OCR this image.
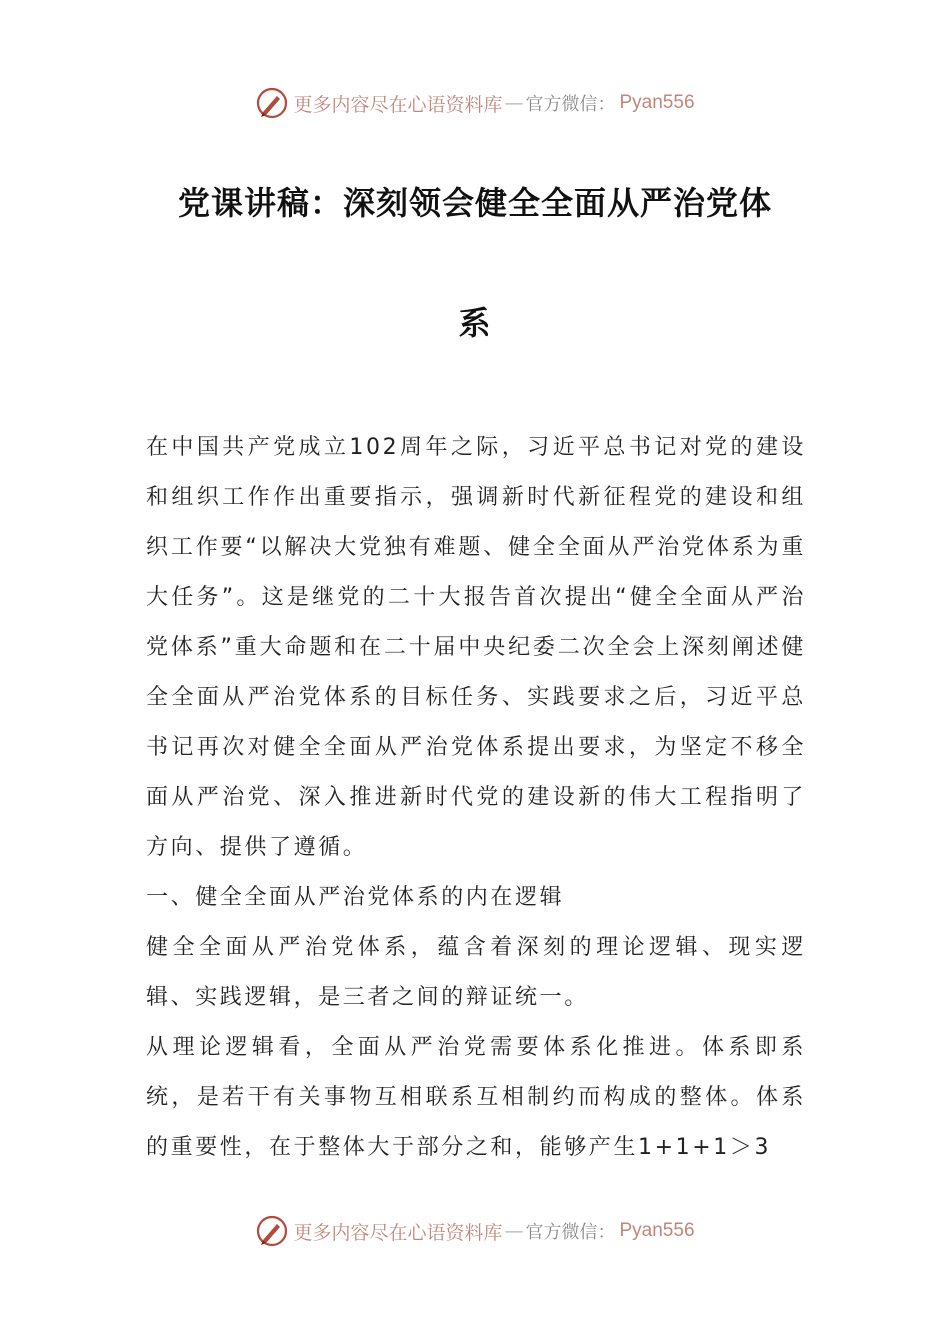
更多内容尽在心语资料库 — 官方微信： Pyan556
党课讲稿：深刻领会健全全面从严治党体
系

在中国共产党成立102周年之际，习近平总书记对党的建设和组织工作作出重要指示，强调新时代新征程党的建设和组织工作要“以解决大党独有难题、健全全面从严治党体系为重大任务”。这是继党的二十大报告首次提出“健全全面从严治党体系”重大命题和在二十届中央纪委二次全会上深刻阐述健全全面从严治党体系的目标任务、实践要求之后，习近平总书记再次对健全全面从严治党体系提出要求，为坚定不移全面从严治党、深入推进新时代党的建设新的伟大工程指明了方向、提供了遵循。

一、健全全面从严治党体系的内在逻辑

健全全面从严治党体系，蕴含着深刻的理论逻辑、现实逻辑、实践逻辑，是三者之间的辩证统一。

从理论逻辑看，全面从严治党需要体系化推进。体系即系统，是若干有关事物互相联系互相制约而构成的整体。体系的重要性，在于整体大于部分之和，能够产生1+1+1＞3

更多内容尽在心语资料库 — 官方微信： Pyan556
